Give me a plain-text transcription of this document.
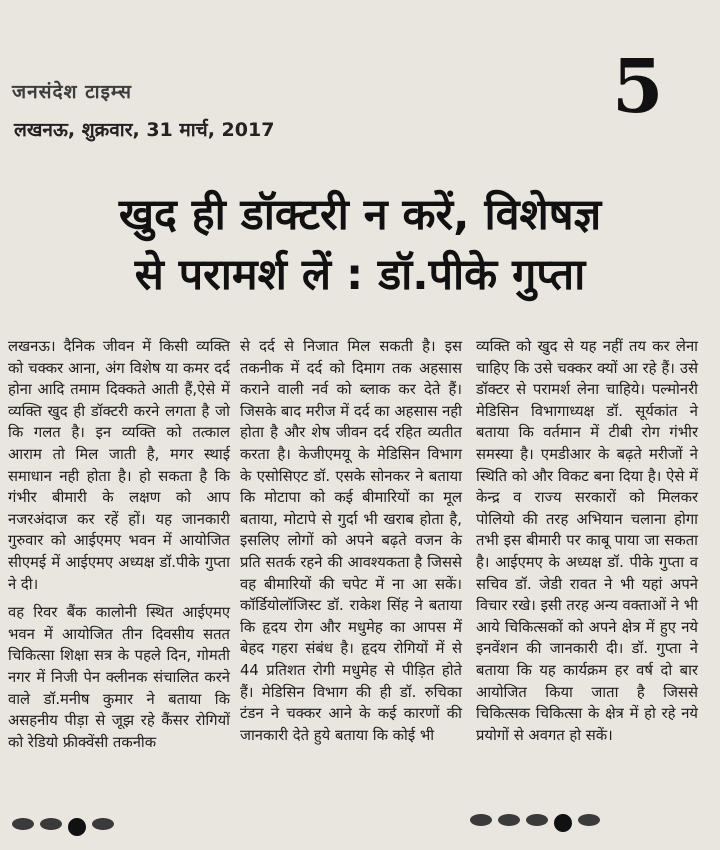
जनसंदेश टाइम्स
लखनऊ, शुक्रवार, 31 मार्च, 2017	5
खुद ही डॉक्टरी न करें, विशेषज्ञ
से परामर्श लें : डॉ.पीके गुप्ता

लखनऊ। दैनिक जीवन में किसी व्यक्ति को चक्कर आना, अंग विशेष या कमर दर्द होना आदि तमाम दिक्कते आती हैं,ऐसे में व्यक्ति खुद ही डॉक्टरी करने लगता है जो कि गलत है। इन व्यक्ति को तत्काल आराम तो मिल जाती है, मगर स्थाई समाधान नही होता है। हो सकता है कि गंभीर बीमारी के लक्षण को आप नजरअंदाज कर रहें हों। यह जानकारी गुरुवार को आईएमए भवन में आयोजित सीएमई में आईएमए अध्यक्ष डॉ.पीके गुप्ता ने दी।

वह रिवर बैंक कालोनी स्थित आईएमए भवन में आयोजित तीन दिवसीय सतत चिकित्सा शिक्षा सत्र के पहले दिन, गोमती नगर में निजी पेन क्लीनक संचालित करने वाले डॉ.मनीष कुमार ने बताया कि असहनीय पीड़ा से जूझ रहे कैंसर रोगियों को रेडियो फ्रीक्वेंसी तकनीक

से दर्द से निजात मिल सकती है। इस तकनीक में दर्द को दिमाग तक अहसास कराने वाली नर्व को ब्लाक कर देते हैं। जिसके बाद मरीज में दर्द का अहसास नही होता है और शेष जीवन दर्द रहित व्यतीत करता है। केजीएमयू के मेडिसिन विभाग के एसोसिएट डॉ. एसके सोनकर ने बताया कि मोटापा को कई बीमारियों का मूल बताया, मोटापे से गुर्दा भी खराब होता है, इसलिए लोगों को अपने बढ़ते वजन के प्रति सतर्क रहने की आवश्यकता है जिससे वह बीमारियों की चपेट में ना आ सकें। कॉर्डियोलॉजिस्ट डॉ. राकेश सिंह ने बताया कि हृदय रोग और मधुमेह का आपस में बेहद गहरा संबंध है। हृदय रोगियों में से 44 प्रतिशत रोगी मधुमेह से पीड़ित होते हैं। मेडिसिन विभाग की ही डॉ. रुचिका टंडन ने चक्कर आने के कई कारणों की जानकारी देते हुये बताया कि कोई भी

व्यक्ति को खुद से यह नहीं तय कर लेना चाहिए कि उसे चक्कर क्यों आ रहे हैं। उसे डॉक्टर से परामर्श लेना चाहिये। पल्मोनरी मेडिसिन विभागाध्यक्ष डॉ. सूर्यकांत ने बताया कि वर्तमान में टीबी रोग गंभीर समस्या है। एमडीआर के बढ़ते मरीजों ने स्थिति को और विकट बना दिया है। ऐसे में केन्द्र व राज्य सरकारों को मिलकर पोलियो की तरह अभियान चलाना होगा तभी इस बीमारी पर काबू पाया जा सकता है। आईएमए के अध्यक्ष डॉ. पीके गुप्ता व सचिव डॉ. जेडी रावत ने भी यहां अपने विचार रखे। इसी तरह अन्य वक्ताओं ने भी आये चिकित्सकों को अपने क्षेत्र में हुए नये इनवेंशन की जानकारी दी। डॉ. गुप्ता ने बताया कि यह कार्यक्रम हर वर्ष दो बार आयोजित किया जाता है जिससे चिकित्सक चिकित्सा के क्षेत्र में हो रहे नये प्रयोगों से अवगत हो सकें।
